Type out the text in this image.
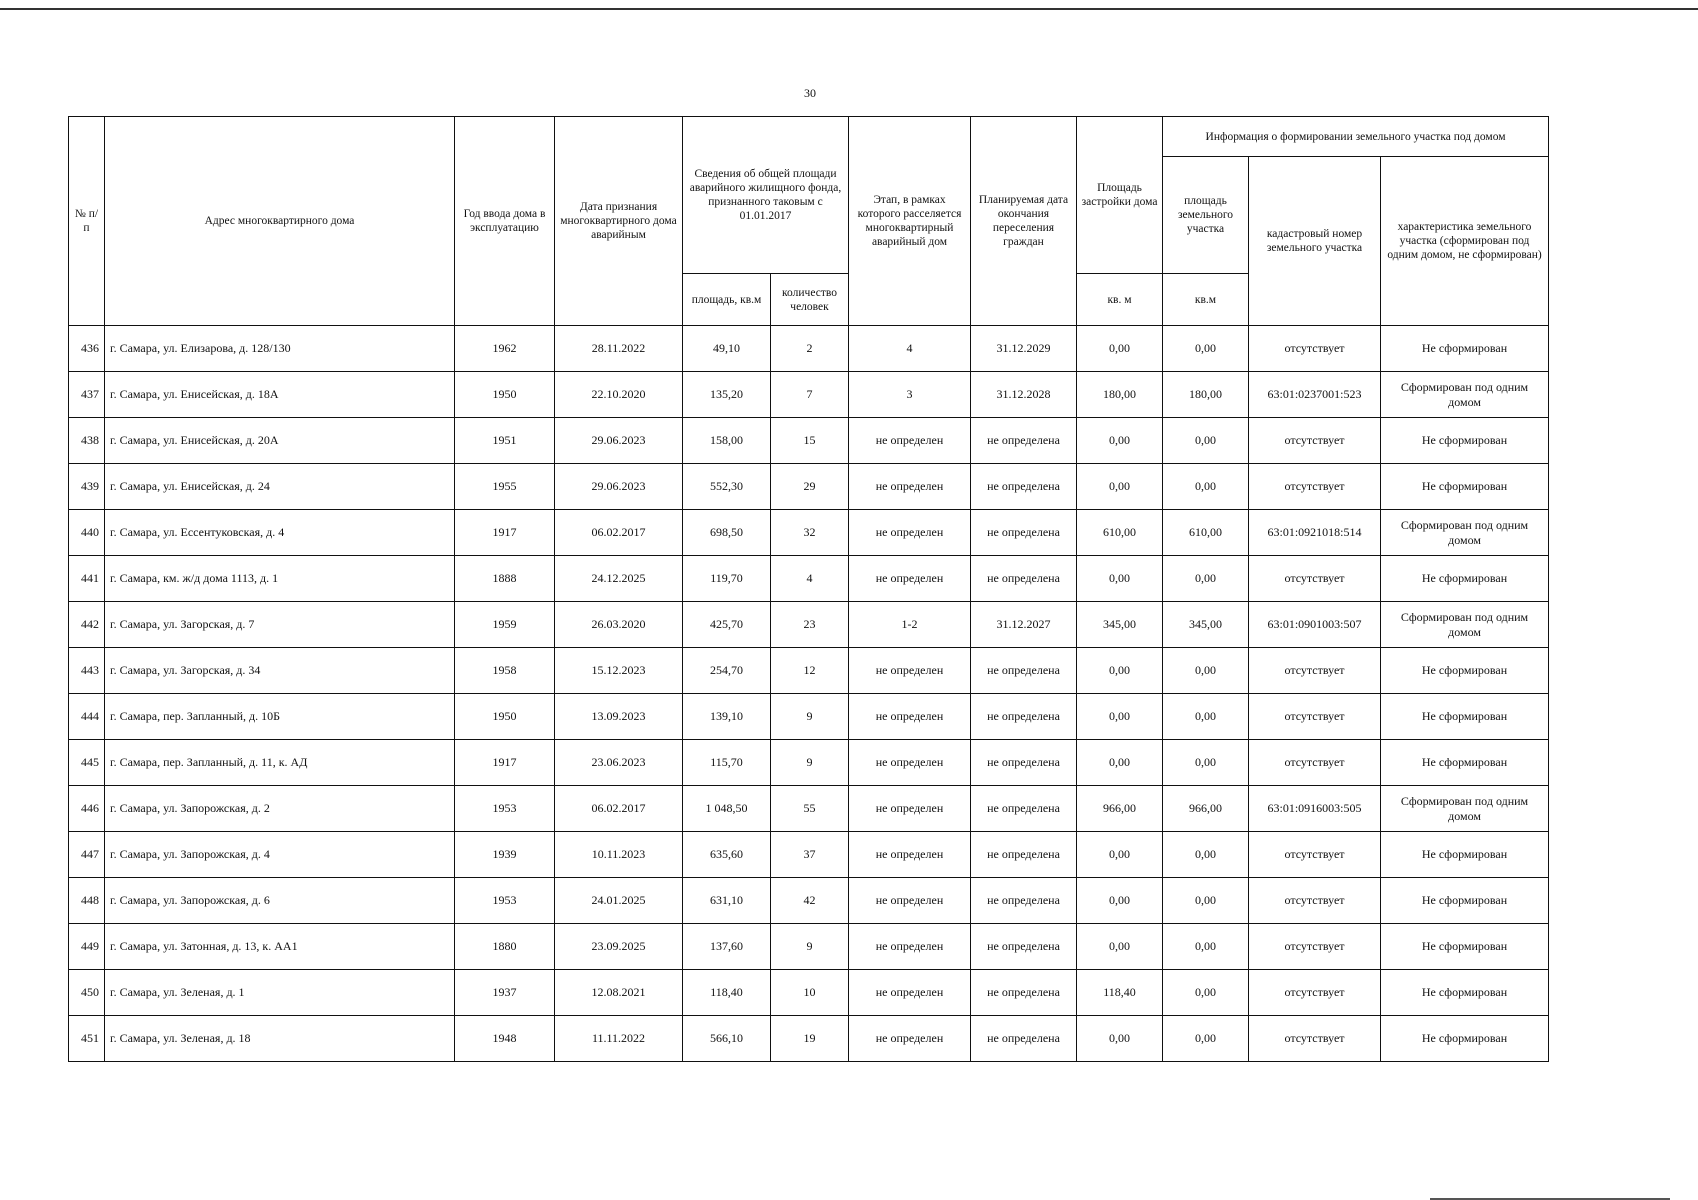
30
№ п/п	Адрес многоквартирного дома	Год ввода дома в эксплуатацию	Дата признания многоквартирного дома аварийным	Сведения об общей площади аварийного жилищного фонда, признанного таковым с 01.01.2017		Этап, в рамках которого расселяется многоквартирный аварийный дом	Планируемая дата окончания переселения граждан	Площадь застройки дома	Информация о формировании земельного участка под домом		
									площадь земельного участка	кадастровый номер земельного участка	характеристика земельного участка (сформирован под одним домом, не сформирован)
				площадь, кв.м	количество человек			кв. м	кв.м		
436	г. Самара, ул. Елизарова, д. 128/130	1962	28.11.2022	49,10	2	4	31.12.2029	0,00	0,00	отсутствует	Не сформирован
437	г. Самара, ул. Енисейская, д. 18А	1950	22.10.2020	135,20	7	3	31.12.2028	180,00	180,00	63:01:0237001:523	Сформирован под одним домом
438	г. Самара, ул. Енисейская, д. 20А	1951	29.06.2023	158,00	15	не определен	не определена	0,00	0,00	отсутствует	Не сформирован
439	г. Самара, ул. Енисейская, д. 24	1955	29.06.2023	552,30	29	не определен	не определена	0,00	0,00	отсутствует	Не сформирован
440	г. Самара, ул. Ессентуковская, д. 4	1917	06.02.2017	698,50	32	не определен	не определена	610,00	610,00	63:01:0921018:514	Сформирован под одним домом
441	г. Самара, км. ж/д дома 1113, д. 1	1888	24.12.2025	119,70	4	не определен	не определена	0,00	0,00	отсутствует	Не сформирован
442	г. Самара, ул. Загорская, д. 7	1959	26.03.2020	425,70	23	1-2	31.12.2027	345,00	345,00	63:01:0901003:507	Сформирован под одним домом
443	г. Самара, ул. Загорская, д. 34	1958	15.12.2023	254,70	12	не определен	не определена	0,00	0,00	отсутствует	Не сформирован
444	г. Самара, пер. Запланный, д. 10Б	1950	13.09.2023	139,10	9	не определен	не определена	0,00	0,00	отсутствует	Не сформирован
445	г. Самара, пер. Запланный, д. 11, к. АД	1917	23.06.2023	115,70	9	не определен	не определена	0,00	0,00	отсутствует	Не сформирован
446	г. Самара, ул. Запорожская, д. 2	1953	06.02.2017	1 048,50	55	не определен	не определена	966,00	966,00	63:01:0916003:505	Сформирован под одним домом
447	г. Самара, ул. Запорожская, д. 4	1939	10.11.2023	635,60	37	не определен	не определена	0,00	0,00	отсутствует	Не сформирован
448	г. Самара, ул. Запорожская, д. 6	1953	24.01.2025	631,10	42	не определен	не определена	0,00	0,00	отсутствует	Не сформирован
449	г. Самара, ул. Затонная, д. 13, к. АА1	1880	23.09.2025	137,60	9	не определен	не определена	0,00	0,00	отсутствует	Не сформирован
450	г. Самара, ул. Зеленая, д. 1	1937	12.08.2021	118,40	10	не определен	не определена	118,40	0,00	отсутствует	Не сформирован
451	г. Самара, ул. Зеленая, д. 18	1948	11.11.2022	566,10	19	не определен	не определена	0,00	0,00	отсутствует	Не сформирован
